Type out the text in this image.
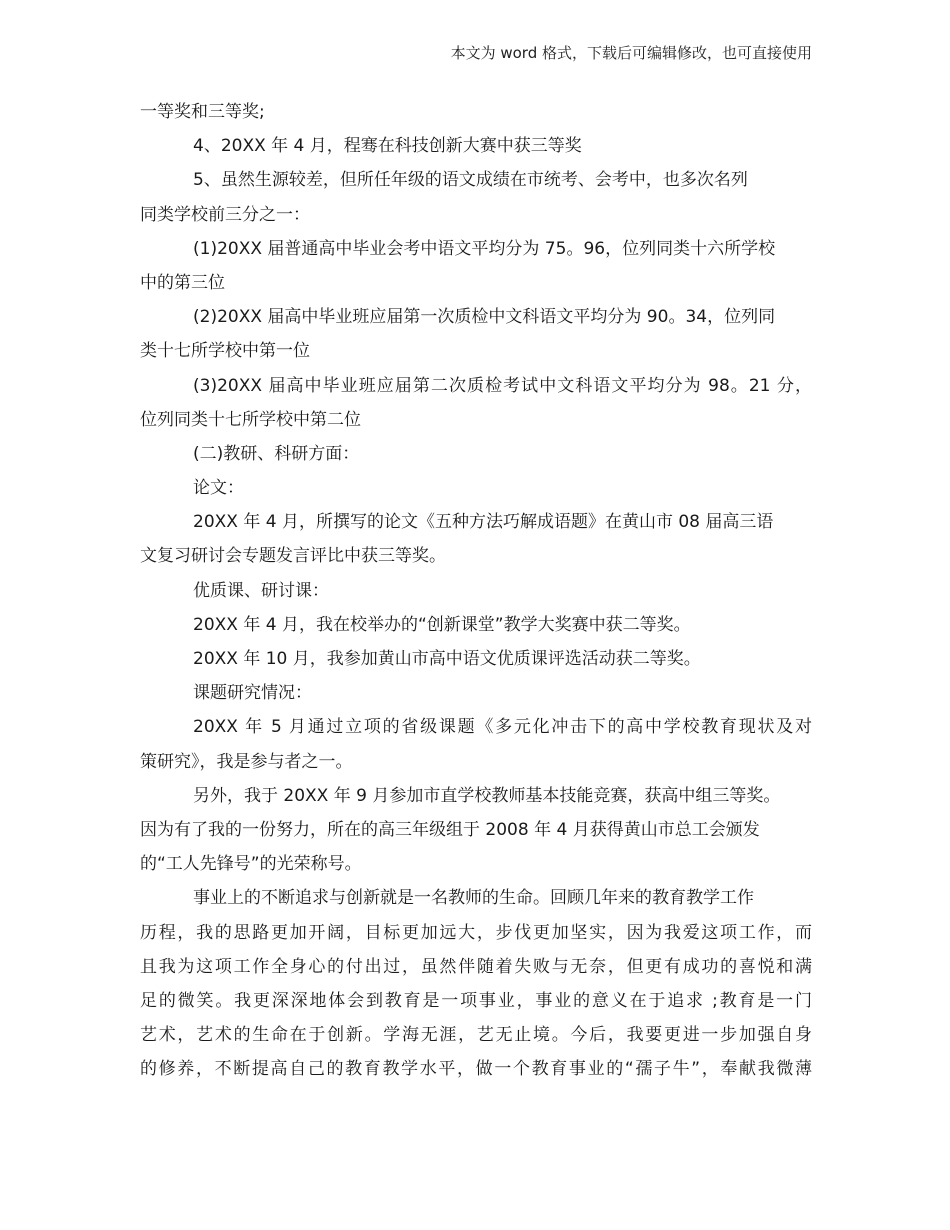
本文为 word 格式，下载后可编辑修改，也可直接使用
一等奖和三等奖;
4、20XX 年 4 月，程骞在科技创新大赛中获三等奖
5、虽然生源较差，但所任年级的语文成绩在市统考、会考中，也多次名列
同类学校前三分之一：
(1)20XX 届普通高中毕业会考中语文平均分为 75。96，位列同类十六所学校
中的第三位
(2)20XX 届高中毕业班应届第一次质检中文科语文平均分为 90。34，位列同
类十七所学校中第一位
(3)20XX 届高中毕业班应届第二次质检考试中文科语文平均分为 98。21 分，
位列同类十七所学校中第二位
(二)教研、科研方面：
论文：
20XX 年 4 月，所撰写的论文《五种方法巧解成语题》在黄山市 08 届高三语
文复习研讨会专题发言评比中获三等奖。
优质课、研讨课：
20XX 年 4 月，我在校举办的“创新课堂”教学大奖赛中获二等奖。
20XX 年 10 月，我参加黄山市高中语文优质课评选活动获二等奖。
课题研究情况：
20XX 年 5 月通过立项的省级课题《多元化冲击下的高中学校教育现状及对
策研究》，我是参与者之一。
另外，我于 20XX 年 9 月参加市直学校教师基本技能竞赛，获高中组三等奖。
因为有了我的一份努力，所在的高三年级组于 2008 年 4 月获得黄山市总工会颁发
的“工人先锋号”的光荣称号。
事业上的不断追求与创新就是一名教师的生命。回顾几年来的教育教学工作
历程，我的思路更加开阔，目标更加远大，步伐更加坚实，因为我爱这项工作，而
且我为这项工作全身心的付出过，虽然伴随着失败与无奈，但更有成功的喜悦和满
足的微笑。我更深深地体会到教育是一项事业，事业的意义在于追求 ;教育是一门
艺术，艺术的生命在于创新。学海无涯，艺无止境。今后，我要更进一步加强自身
的修养，不断提高自己的教育教学水平，做一个教育事业的“孺子牛”，奉献我微薄
